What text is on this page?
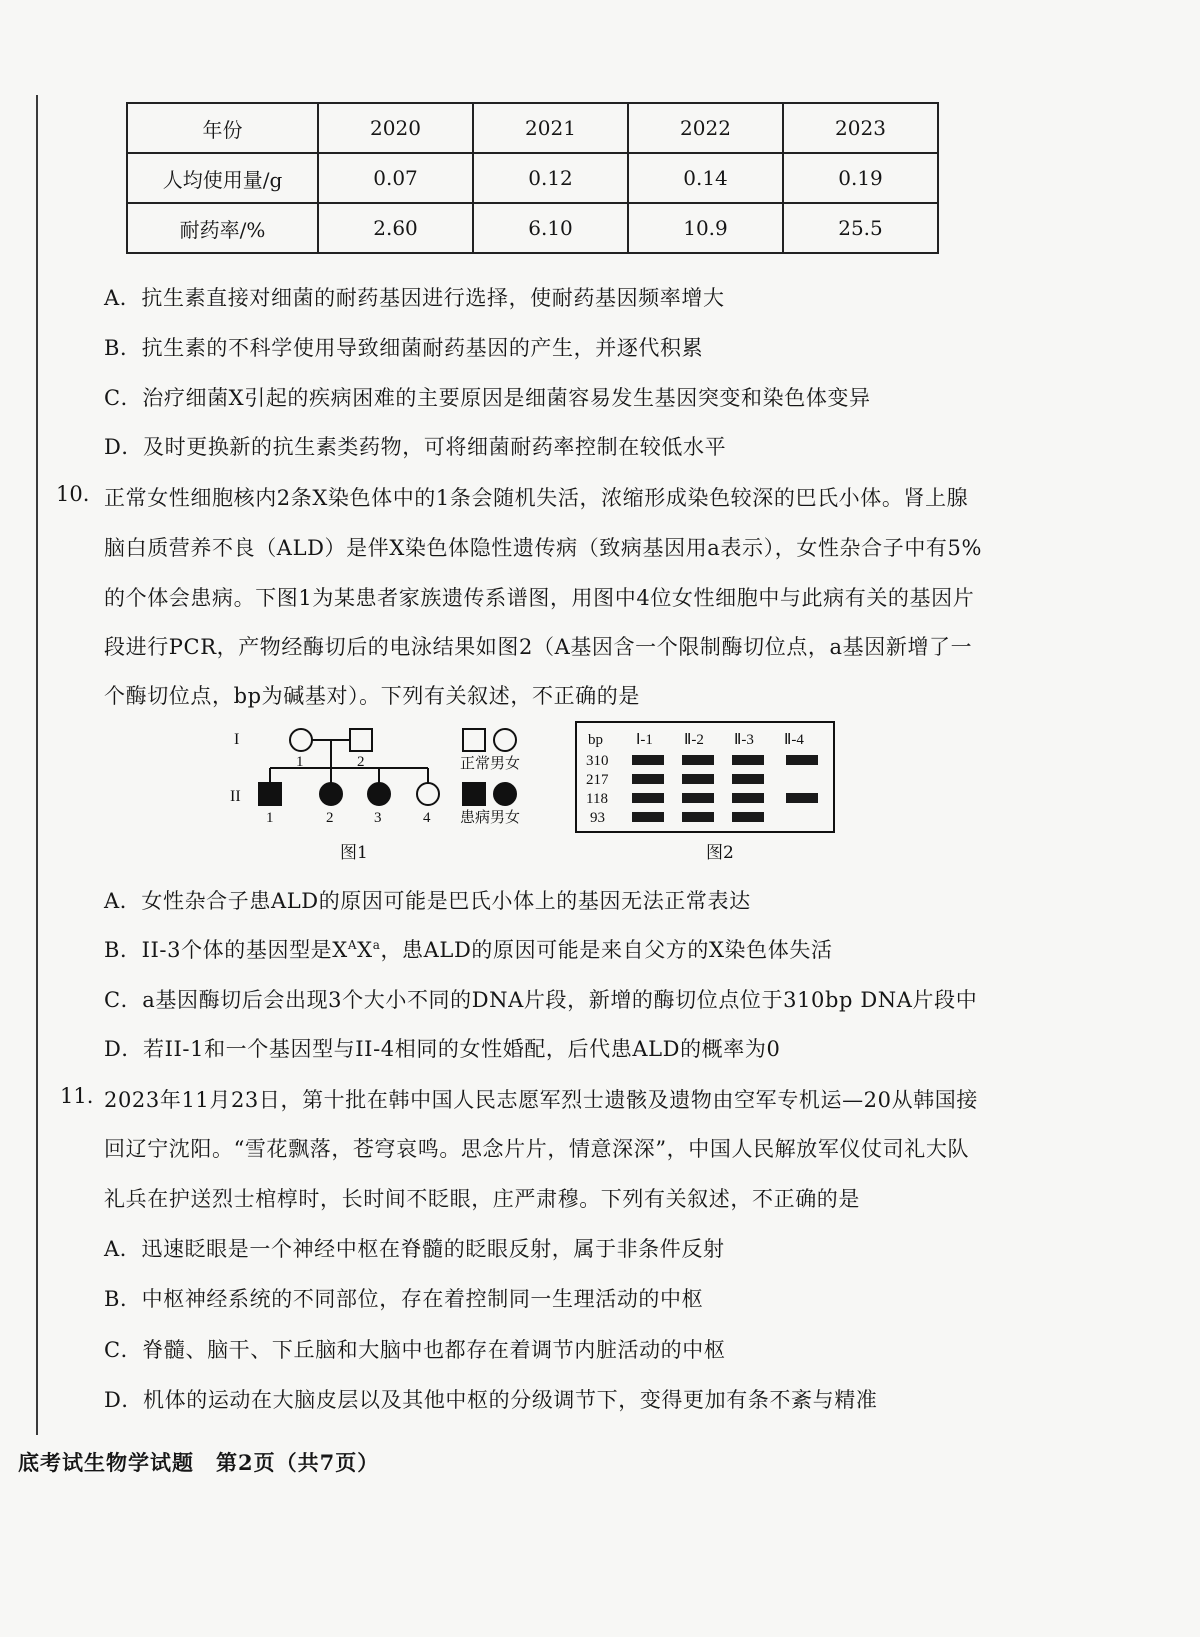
年份	2020	2021	2022	2023
人均使用量/g	0.07	0.12	0.14	0.19
耐药率/%	2.60	6.10	10.9	25.5
A．抗生素直接对细菌的耐药基因进行选择，使耐药基因频率增大
B．抗生素的不科学使用导致细菌耐药基因的产生，并逐代积累
C．治疗细菌X引起的疾病困难的主要原因是细菌容易发生基因突变和染色体变异
D．及时更换新的抗生素类药物，可将细菌耐药率控制在较低水平
10. 正常女性细胞核内2条X染色体中的1条会随机失活，浓缩形成染色较深的巴氏小体。肾上腺
脑白质营养不良（ALD）是伴X染色体隐性遗传病（致病基因用a表示），女性杂合子中有5%
的个体会患病。下图1为某患者家族遗传系谱图，用图中4位女性细胞中与此病有关的基因片
段进行PCR，产物经酶切后的电泳结果如图2（A基因含一个限制酶切位点，a基因新增了一
个酶切位点，bp为碱基对）。下列有关叙述，不正确的是
I
II
1	2
1	2	3	4
正常男女
患病男女
图1
bp Ⅰ-1 Ⅱ-2 Ⅱ-3 Ⅱ-4
310
217
118
93
图2
A．女性杂合子患ALD的原因可能是巴氏小体上的基因无法正常表达
B．II-3个体的基因型是$X^AX^a$，患ALD的原因可能是来自父方的X染色体失活
C．a基因酶切后会出现3个大小不同的DNA片段，新增的酶切位点位于310bp DNA片段中
D．若II-1和一个基因型与II-4相同的女性婚配，后代患ALD的概率为0
11. 2023年11月23日，第十批在韩中国人民志愿军烈士遗骸及遗物由空军专机运—20从韩国接
回辽宁沈阳。“雪花飘落，苍穹哀鸣。思念片片，情意深深”，中国人民解放军仪仗司礼大队
礼兵在护送烈士棺椁时，长时间不眨眼，庄严肃穆。下列有关叙述，不正确的是
A．迅速眨眼是一个神经中枢在脊髓的眨眼反射，属于非条件反射
B．中枢神经系统的不同部位，存在着控制同一生理活动的中枢
C．脊髓、脑干、下丘脑和大脑中也都存在着调节内脏活动的中枢
D．机体的运动在大脑皮层以及其他中枢的分级调节下，变得更加有条不紊与精准
底考试生物学试题　第2页（共7页）
